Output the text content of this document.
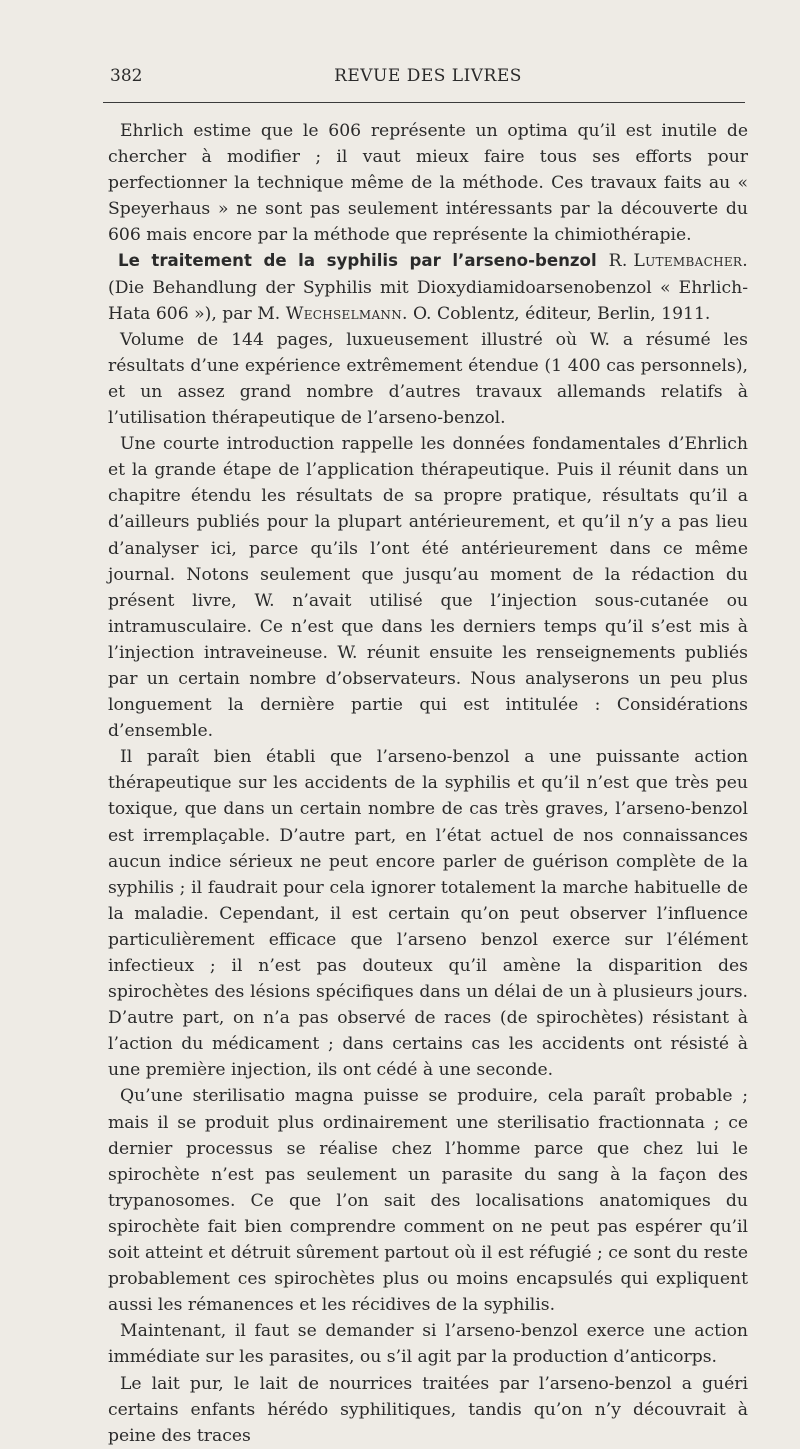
382	REVUE DES LIVRES

Ehrlich estime que le 606 représente un optima qu’il est inutile de chercher à modifier ; il vaut mieux faire tous ses efforts pour perfectionner la technique même de la méthode. Ces travaux faits au « Speyerhaus » ne sont pas seulement intéressants par la découverte du 606 mais encore par la méthode que représente la chimiothérapie.
R. Lutembacher.

Le traitement de la syphilis par l’arseno-benzol (Die Behandlung der Syphilis mit Dioxydiamidoarsenobenzol « Ehrlich-Hata 606 »), par M. Wechselmann. O. Coblentz, éditeur, Berlin, 1911.

Volume de 144 pages, luxueusement illustré où W. a résumé les résultats d’une expérience extrêmement étendue (1 400 cas personnels), et un assez grand nombre d’autres travaux allemands relatifs à l’utilisation thérapeutique de l’arseno-benzol.

Une courte introduction rappelle les données fondamentales d’Ehrlich et la grande étape de l’application thérapeutique. Puis il réunit dans un chapitre étendu les résultats de sa propre pratique, résultats qu’il a d’ailleurs publiés pour la plupart antérieurement, et qu’il n’y a pas lieu d’analyser ici, parce qu’ils l’ont été antérieurement dans ce même journal. Notons seulement que jusqu’au moment de la rédaction du présent livre, W. n’avait utilisé que l’injection sous-cutanée ou intramusculaire. Ce n’est que dans les derniers temps qu’il s’est mis à l’injection intraveineuse. W. réunit ensuite les renseignements publiés par un certain nombre d’observateurs. Nous analyserons un peu plus longuement la dernière partie qui est intitulée : Considérations d’ensemble.

Il paraît bien établi que l’arseno-benzol a une puissante action thérapeutique sur les accidents de la syphilis et qu’il n’est que très peu toxique, que dans un certain nombre de cas très graves, l’arseno-benzol est irremplaçable. D’autre part, en l’état actuel de nos connaissances aucun indice sérieux ne peut encore parler de guérison complète de la syphilis ; il faudrait pour cela ignorer totalement la marche habituelle de la maladie. Cependant, il est certain qu’on peut observer l’influence particulièrement efficace que l’arseno benzol exerce sur l’élément infectieux ; il n’est pas douteux qu’il amène la disparition des spirochètes des lésions spécifiques dans un délai de un à plusieurs jours. D’autre part, on n’a pas observé de races (de spirochètes) résistant à l’action du médicament ; dans certains cas les accidents ont résisté à une première injection, ils ont cédé à une seconde.

Qu’une sterilisatio magna puisse se produire, cela paraît probable ; mais il se produit plus ordinairement une sterilisatio fractionnata ; ce dernier processus se réalise chez l’homme parce que chez lui le spirochète n’est pas seulement un parasite du sang à la façon des trypanosomes. Ce que l’on sait des localisations anatomiques du spirochète fait bien comprendre comment on ne peut pas espérer qu’il soit atteint et détruit sûrement partout où il est réfugié ; ce sont du reste probablement ces spirochètes plus ou moins encapsulés qui expliquent aussi les rémanences et les récidives de la syphilis.

Maintenant, il faut se demander si l’arseno-benzol exerce une action immédiate sur les parasites, ou s’il agit par la production d’anticorps.

Le lait pur, le lait de nourrices traitées par l’arseno-benzol a guéri certains enfants hérédo syphilitiques, tandis qu’on n’y découvrait à peine des traces
